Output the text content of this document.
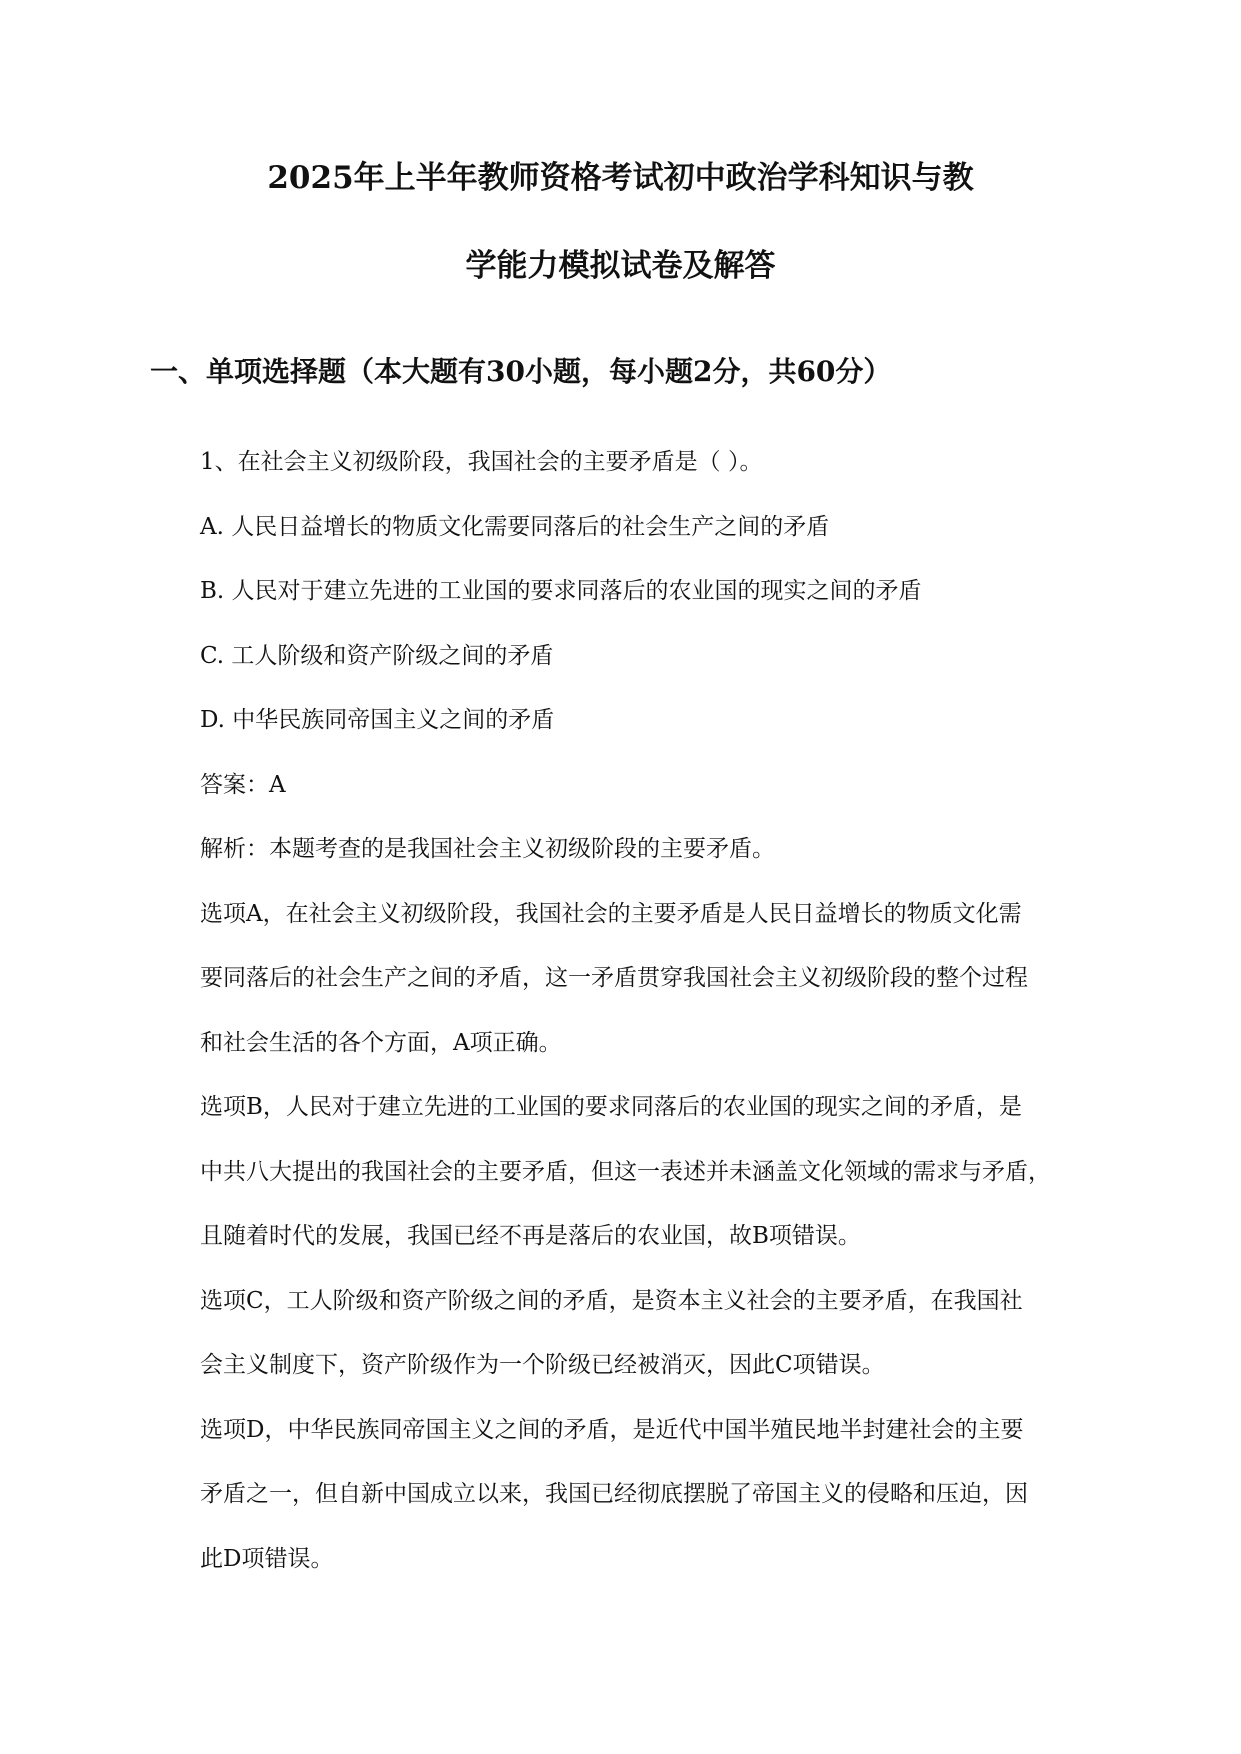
2025年上半年教师资格考试初中政治学科知识与教
学能力模拟试卷及解答
一、单项选择题（本大题有30小题，每小题2分，共60分）
1、在社会主义初级阶段，我国社会的主要矛盾是（ ）。
A. 人民日益增长的物质文化需要同落后的社会生产之间的矛盾
B. 人民对于建立先进的工业国的要求同落后的农业国的现实之间的矛盾
C. 工人阶级和资产阶级之间的矛盾
D. 中华民族同帝国主义之间的矛盾
答案：A
解析：本题考查的是我国社会主义初级阶段的主要矛盾。
选项A，在社会主义初级阶段，我国社会的主要矛盾是人民日益增长的物质文化需
要同落后的社会生产之间的矛盾，这一矛盾贯穿我国社会主义初级阶段的整个过程
和社会生活的各个方面，A项正确。
选项B，人民对于建立先进的工业国的要求同落后的农业国的现实之间的矛盾，是
中共八大提出的我国社会的主要矛盾，但这一表述并未涵盖文化领域的需求与矛盾，
且随着时代的发展，我国已经不再是落后的农业国，故B项错误。
选项C，工人阶级和资产阶级之间的矛盾，是资本主义社会的主要矛盾，在我国社
会主义制度下，资产阶级作为一个阶级已经被消灭，因此C项错误。
选项D，中华民族同帝国主义之间的矛盾，是近代中国半殖民地半封建社会的主要
矛盾之一，但自新中国成立以来，我国已经彻底摆脱了帝国主义的侵略和压迫，因
此D项错误。
